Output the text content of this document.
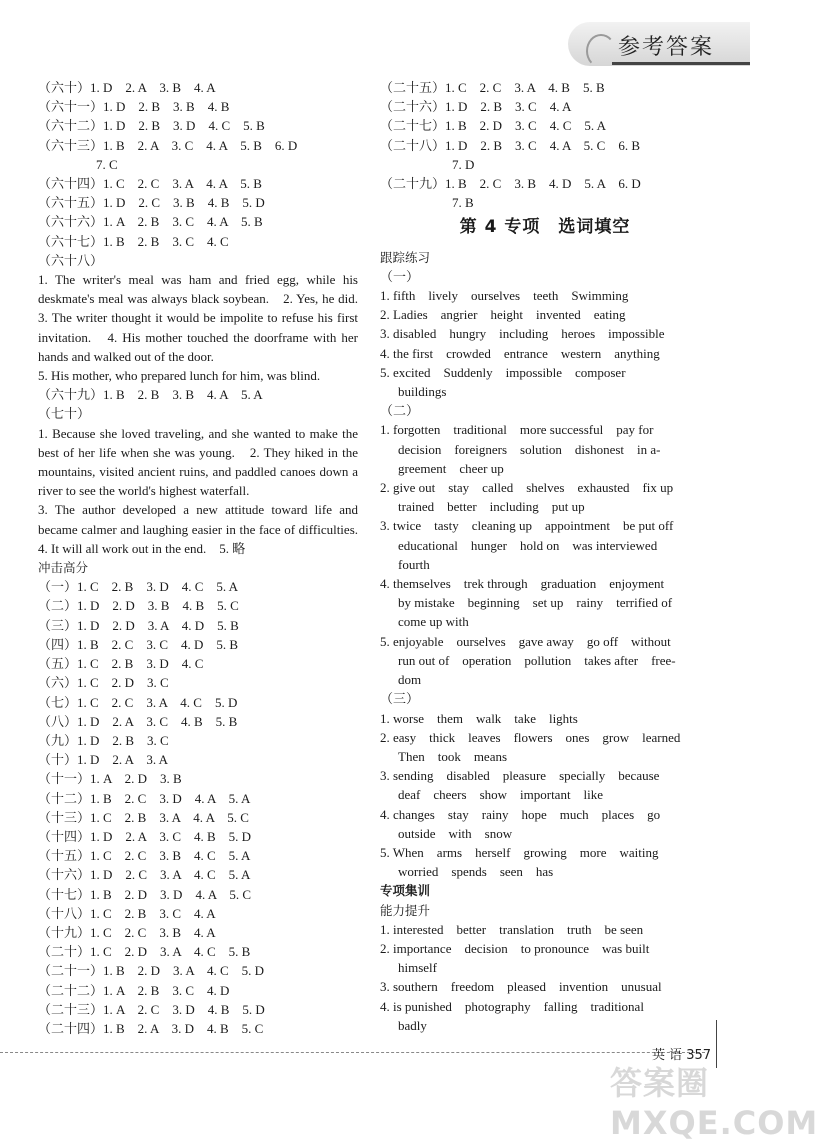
参考答案
（六十）1. D　2. A　3. B　4. A
（六十一）1. D　2. B　3. B　4. B
（六十二）1. D　2. B　3. D　4. C　5. B
（六十三）1. B　2. A　3. C　4. A　5. B　6. D
7. C
（六十四）1. C　2. C　3. A　4. A　5. B
（六十五）1. D　2. C　3. B　4. B　5. D
（六十六）1. A　2. B　3. C　4. A　5. B
（六十七）1. B　2. B　3. C　4. C
（六十八）
1. The writer's meal was ham and fried egg, while his deskmate's meal was always black soybean.　2. Yes, he did.　3. The writer thought it would be impolite to refuse his first invitation.　4. His mother touched the doorframe with her hands and walked out of the door.
5. His mother, who prepared lunch for him, was blind.
（六十九）1. B　2. B　3. B　4. A　5. A
（七十）
1. Because she loved traveling, and she wanted to make the best of her life when she was young.　2. They hiked in the mountains, visited ancient ruins, and paddled canoes down a river to see the world's highest waterfall.
3. The author developed a new attitude toward life and became calmer and laughing easier in the face of difficulties.　4. It will all work out in the end.　5. 略
冲击高分
（一）1. C　2. B　3. D　4. C　5. A
（二）1. D　2. D　3. B　4. B　5. C
（三）1. D　2. D　3. A　4. D　5. B
（四）1. B　2. C　3. C　4. D　5. B
（五）1. C　2. B　3. D　4. C
（六）1. C　2. D　3. C
（七）1. C　2. C　3. A　4. C　5. D
（八）1. D　2. A　3. C　4. B　5. B
（九）1. D　2. B　3. C
（十）1. D　2. A　3. A
（十一）1. A　2. D　3. B
（十二）1. B　2. C　3. D　4. A　5. A
（十三）1. C　2. B　3. A　4. A　5. C
（十四）1. D　2. A　3. C　4. B　5. D
（十五）1. C　2. C　3. B　4. C　5. A
（十六）1. D　2. C　3. A　4. C　5. A
（十七）1. B　2. D　3. D　4. A　5. C
（十八）1. C　2. B　3. C　4. A
（十九）1. C　2. C　3. B　4. A
（二十）1. C　2. D　3. A　4. C　5. B
（二十一）1. B　2. D　3. A　4. C　5. D
（二十二）1. A　2. B　3. C　4. D
（二十三）1. A　2. C　3. D　4. B　5. D
（二十四）1. B　2. A　3. D　4. B　5. C
（二十五）1. C　2. C　3. A　4. B　5. B
（二十六）1. D　2. B　3. C　4. A
（二十七）1. B　2. D　3. C　4. C　5. A
（二十八）1. D　2. B　3. C　4. A　5. C　6. B
7. D
（二十九）1. B　2. C　3. B　4. D　5. A　6. D
7. B
第 4 专项　选词填空
跟踪练习
（一）
1. fifth　lively　ourselves　teeth　Swimming
2. Ladies　angrier　height　invented　eating
3. disabled　hungry　including　heroes　impossible
4. the first　crowded　entrance　western　anything
5. excited　Suddenly　impossible　composer
buildings
（二）
1. forgotten　traditional　more successful　pay for
decision　foreigners　solution　dishonest　in a-
greement　cheer up
2. give out　stay　called　shelves　exhausted　fix up
trained　better　including　put up
3. twice　tasty　cleaning up　appointment　be put off
educational　hunger　hold on　was interviewed
fourth
4. themselves　trek through　graduation　enjoyment
by mistake　beginning　set up　rainy　terrified of
come up with
5. enjoyable　ourselves　gave away　go off　without
run out of　operation　pollution　takes after　free-
dom
（三）
1. worse　them　walk　take　lights
2. easy　thick　leaves　flowers　ones　grow　learned
Then　took　means
3. sending　disabled　pleasure　specially　because
deaf　cheers　show　important　like
4. changes　stay　rainy　hope　much　places　go
outside　with　snow
5. When　arms　herself　growing　more　waiting
worried　spends　seen　has
专项集训
能力提升
1. interested　better　translation　truth　be seen
2. importance　decision　to pronounce　was built
himself
3. southern　freedom　pleased　invention　unusual
4. is punished　photography　falling　traditional
badly
答案圈 MXQE.COM
英 语 357
